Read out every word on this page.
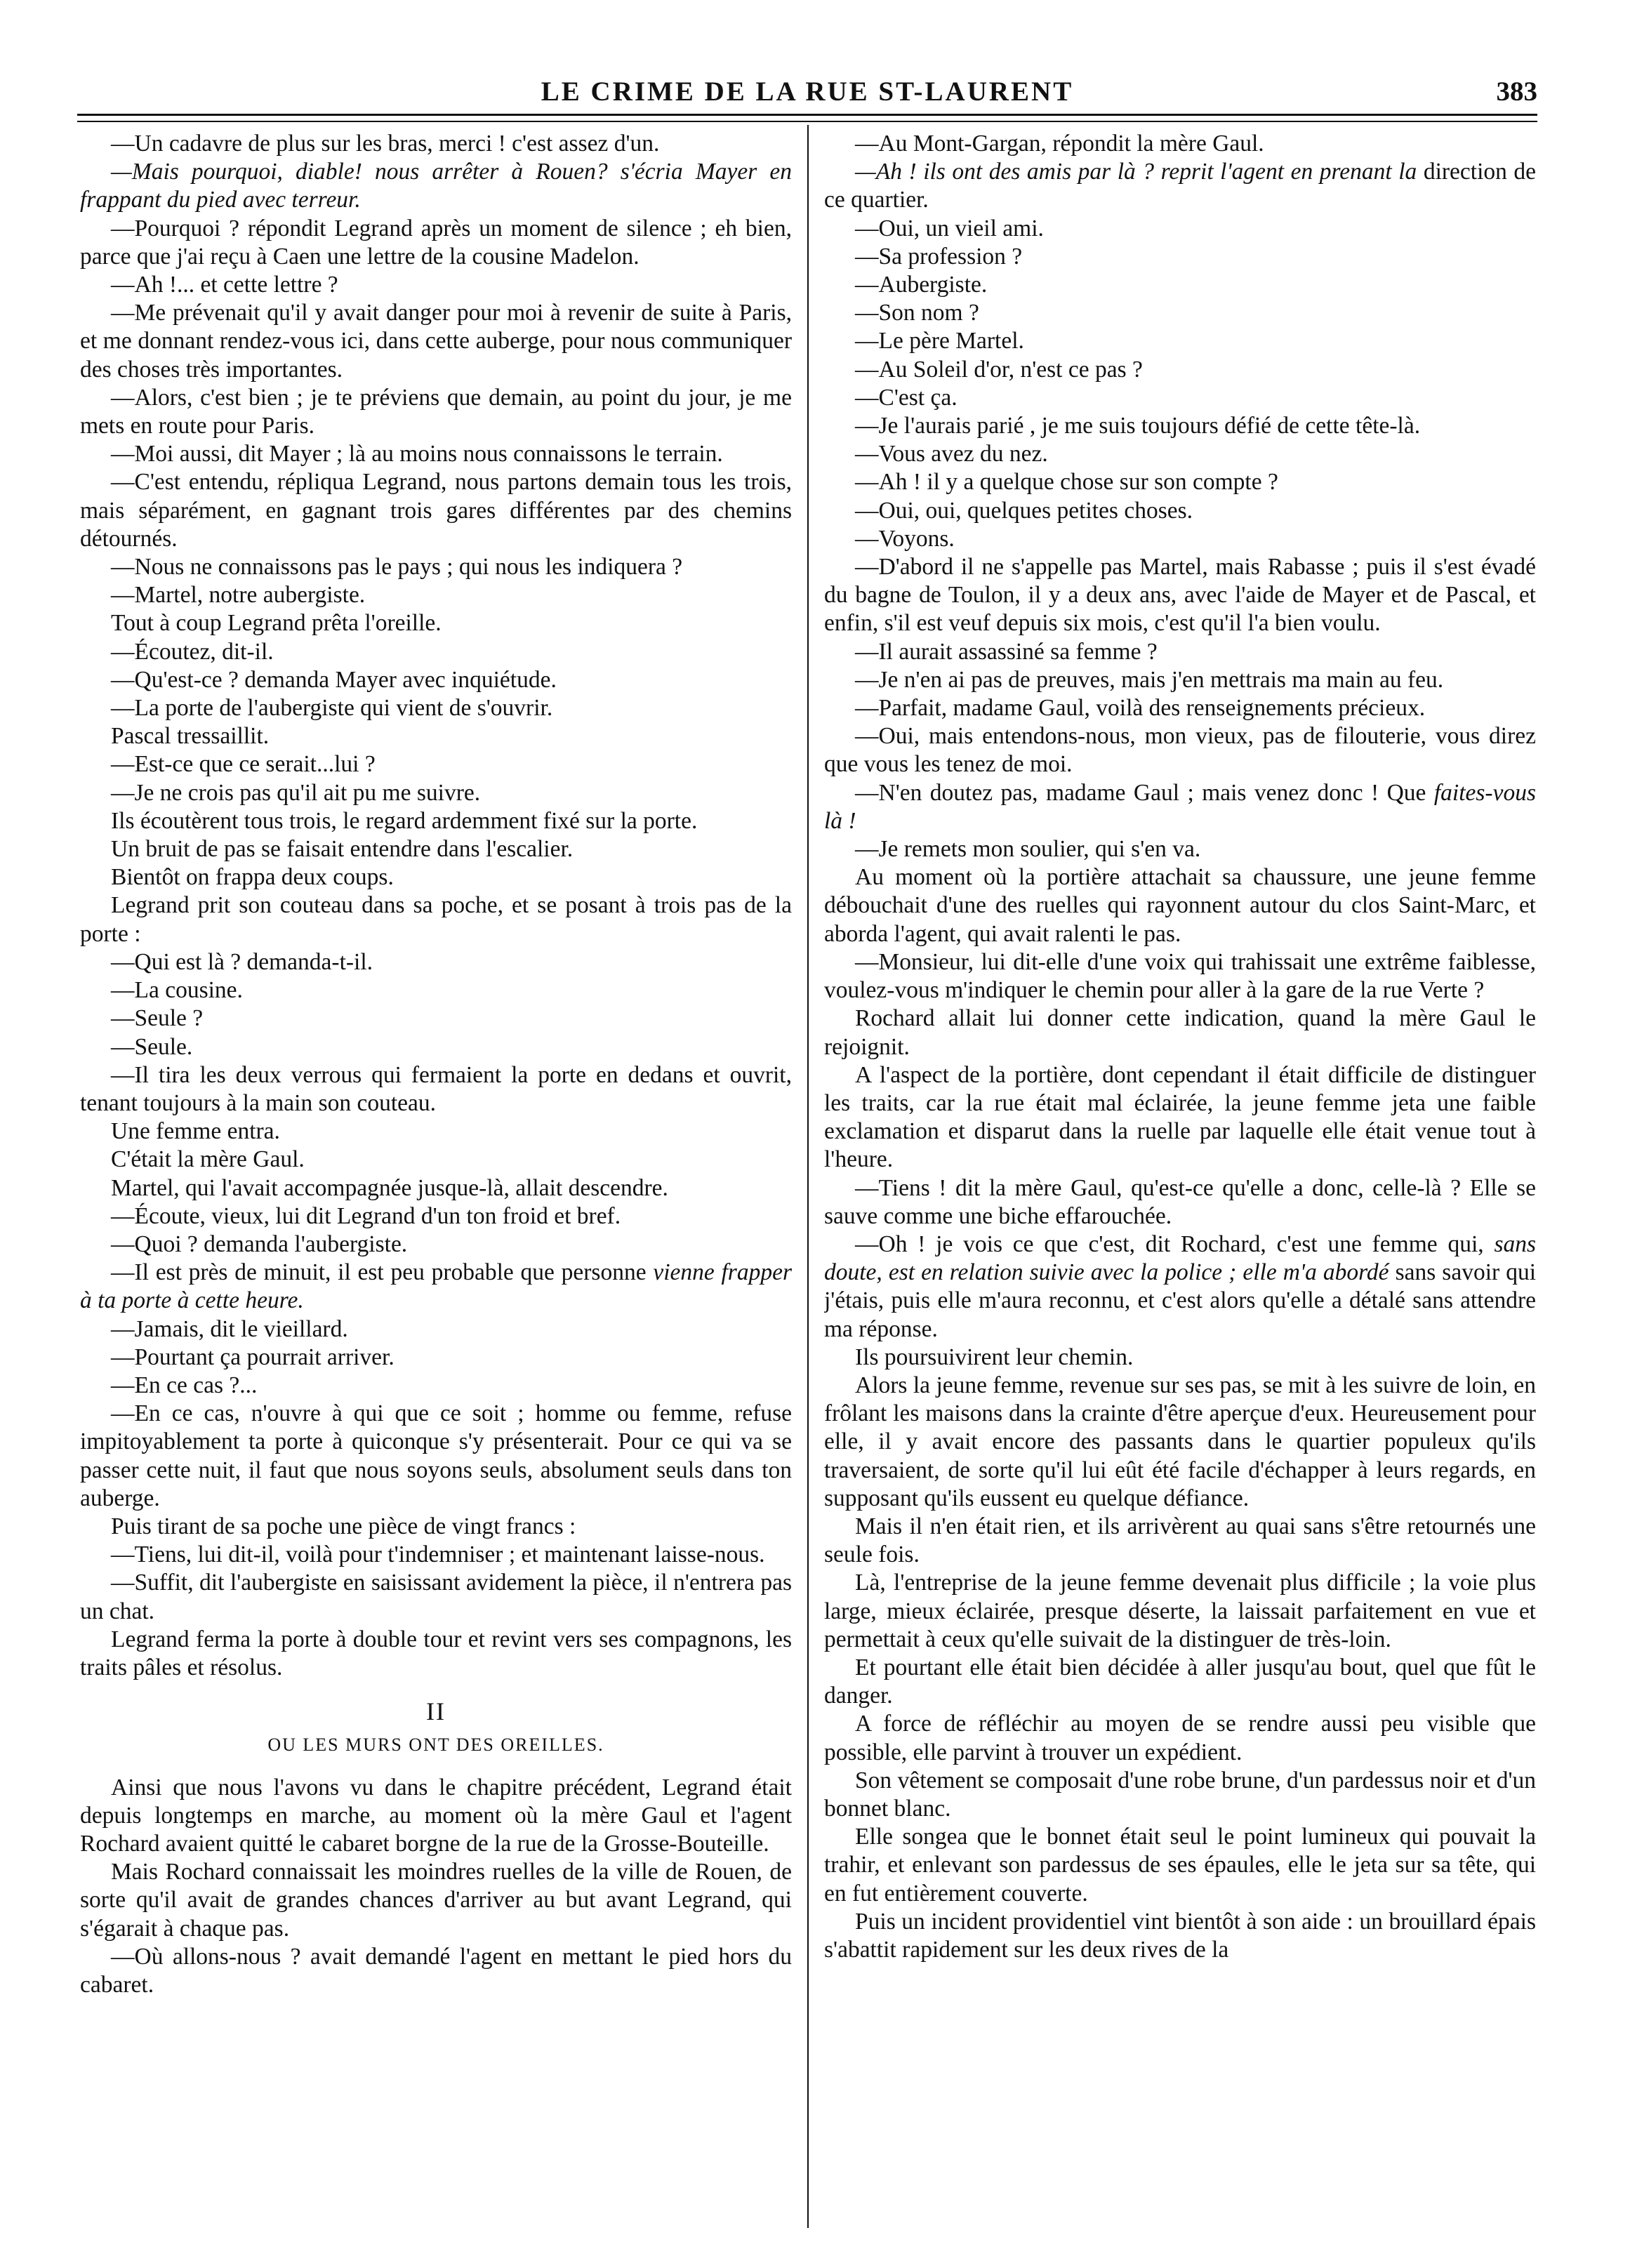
LE CRIME DE LA RUE ST-LAURENT	383

—Un cadavre de plus sur les bras, merci ! c'est assez d'un.

—Mais pourquoi, diable! nous arrêter à Rouen? s'écria Mayer en frappant du pied avec terreur.

—Pourquoi ? répondit Legrand après un moment de silence ; eh bien, parce que j'ai reçu à Caen une lettre de la cousine Madelon.

—Ah !... et cette lettre ?

—Me prévenait qu'il y avait danger pour moi à revenir de suite à Paris, et me donnant rendez-vous ici, dans cette auberge, pour nous communiquer des choses très importantes.

—Alors, c'est bien ; je te préviens que demain, au point du jour, je me mets en route pour Paris.

—Moi aussi, dit Mayer ; là au moins nous connaissons le terrain.

—C'est entendu, répliqua Legrand, nous partons demain tous les trois, mais séparément, en gagnant trois gares différentes par des chemins détournés.

—Nous ne connaissons pas le pays ; qui nous les indiquera ?

—Martel, notre aubergiste.

Tout à coup Legrand prêta l'oreille.

—Écoutez, dit-il.

—Qu'est-ce ? demanda Mayer avec inquiétude.

—La porte de l'aubergiste qui vient de s'ouvrir.

Pascal tressaillit.

—Est-ce que ce serait...lui ?

—Je ne crois pas qu'il ait pu me suivre.

Ils écoutèrent tous trois, le regard ardemment fixé sur la porte.

Un bruit de pas se faisait entendre dans l'escalier.

Bientôt on frappa deux coups.

Legrand prit son couteau dans sa poche, et se posant à trois pas de la porte :

—Qui est là ? demanda-t-il.

—La cousine.

—Seule ?

—Seule.

—Il tira les deux verrous qui fermaient la porte en dedans et ouvrit, tenant toujours à la main son couteau.

Une femme entra.

C'était la mère Gaul.

Martel, qui l'avait accompagnée jusque-là, allait descendre.

—Écoute, vieux, lui dit Legrand d'un ton froid et bref.

—Quoi ? demanda l'aubergiste.

—Il est près de minuit, il est peu probable que personne vienne frapper à ta porte à cette heure.

—Jamais, dit le vieillard.

—Pourtant ça pourrait arriver.

—En ce cas ?...

—En ce cas, n'ouvre à qui que ce soit ; homme ou femme, refuse impitoyablement ta porte à quiconque s'y présenterait. Pour ce qui va se passer cette nuit, il faut que nous soyons seuls, absolument seuls dans ton auberge.

Puis tirant de sa poche une pièce de vingt francs :

—Tiens, lui dit-il, voilà pour t'indemniser ; et maintenant laisse-nous.

—Suffit, dit l'aubergiste en saisissant avidement la pièce, il n'entrera pas un chat.

Legrand ferma la porte à double tour et revint vers ses compagnons, les traits pâles et résolus.

II
OU LES MURS ONT DES OREILLES.

Ainsi que nous l'avons vu dans le chapitre précédent, Legrand était depuis longtemps en marche, au moment où la mère Gaul et l'agent Rochard avaient quitté le cabaret borgne de la rue de la Grosse-Bouteille.

Mais Rochard connaissait les moindres ruelles de la ville de Rouen, de sorte qu'il avait de grandes chances d'arriver au but avant Legrand, qui s'égarait à chaque pas.

—Où allons-nous ? avait demandé l'agent en mettant le pied hors du cabaret.

—Au Mont-Gargan, répondit la mère Gaul.

—Ah ! ils ont des amis par là ? reprit l'agent en prenant la direction de ce quartier.

—Oui, un vieil ami.

—Sa profession ?

—Aubergiste.

—Son nom ?

—Le père Martel.

—Au Soleil d'or, n'est ce pas ?

—C'est ça.

—Je l'aurais parié , je me suis toujours défié de cette tête-là.

—Vous avez du nez.

—Ah ! il y a quelque chose sur son compte ?

—Oui, oui, quelques petites choses.

—Voyons.

—D'abord il ne s'appelle pas Martel, mais Rabasse ; puis il s'est évadé du bagne de Toulon, il y a deux ans, avec l'aide de Mayer et de Pascal, et enfin, s'il est veuf depuis six mois, c'est qu'il l'a bien voulu.

—Il aurait assassiné sa femme ?

—Je n'en ai pas de preuves, mais j'en mettrais ma main au feu.

—Parfait, madame Gaul, voilà des renseignements précieux.

—Oui, mais entendons-nous, mon vieux, pas de filouterie, vous direz que vous les tenez de moi.

—N'en doutez pas, madame Gaul ; mais venez donc ! Que faites-vous là !

—Je remets mon soulier, qui s'en va.

Au moment où la portière attachait sa chaussure, une jeune femme débouchait d'une des ruelles qui rayonnent autour du clos Saint-Marc, et aborda l'agent, qui avait ralenti le pas.

—Monsieur, lui dit-elle d'une voix qui trahissait une extrême faiblesse, voulez-vous m'indiquer le chemin pour aller à la gare de la rue Verte ?

Rochard allait lui donner cette indication, quand la mère Gaul le rejoignit.

A l'aspect de la portière, dont cependant il était difficile de distinguer les traits, car la rue était mal éclairée, la jeune femme jeta une faible exclamation et disparut dans la ruelle par laquelle elle était venue tout à l'heure.

—Tiens ! dit la mère Gaul, qu'est-ce qu'elle a donc, celle-là ? Elle se sauve comme une biche effarouchée.

—Oh ! je vois ce que c'est, dit Rochard, c'est une femme qui, sans doute, est en relation suivie avec la police ; elle m'a abordé sans savoir qui j'étais, puis elle m'aura reconnu, et c'est alors qu'elle a détalé sans attendre ma réponse.

Ils poursuivirent leur chemin.

Alors la jeune femme, revenue sur ses pas, se mit à les suivre de loin, en frôlant les maisons dans la crainte d'être aperçue d'eux. Heureusement pour elle, il y avait encore des passants dans le quartier populeux qu'ils traversaient, de sorte qu'il lui eût été facile d'échapper à leurs regards, en supposant qu'ils eussent eu quelque défiance.

Mais il n'en était rien, et ils arrivèrent au quai sans s'être retournés une seule fois.

Là, l'entreprise de la jeune femme devenait plus difficile ; la voie plus large, mieux éclairée, presque déserte, la laissait parfaitement en vue et permettait à ceux qu'elle suivait de la distinguer de très-loin.

Et pourtant elle était bien décidée à aller jusqu'au bout, quel que fût le danger.

A force de réfléchir au moyen de se rendre aussi peu visible que possible, elle parvint à trouver un expédient.

Son vêtement se composait d'une robe brune, d'un pardessus noir et d'un bonnet blanc.

Elle songea que le bonnet était seul le point lumineux qui pouvait la trahir, et enlevant son pardessus de ses épaules, elle le jeta sur sa tête, qui en fut entièrement couverte.

Puis un incident providentiel vint bientôt à son aide : un brouillard épais s'abattit rapidement sur les deux rives de la
